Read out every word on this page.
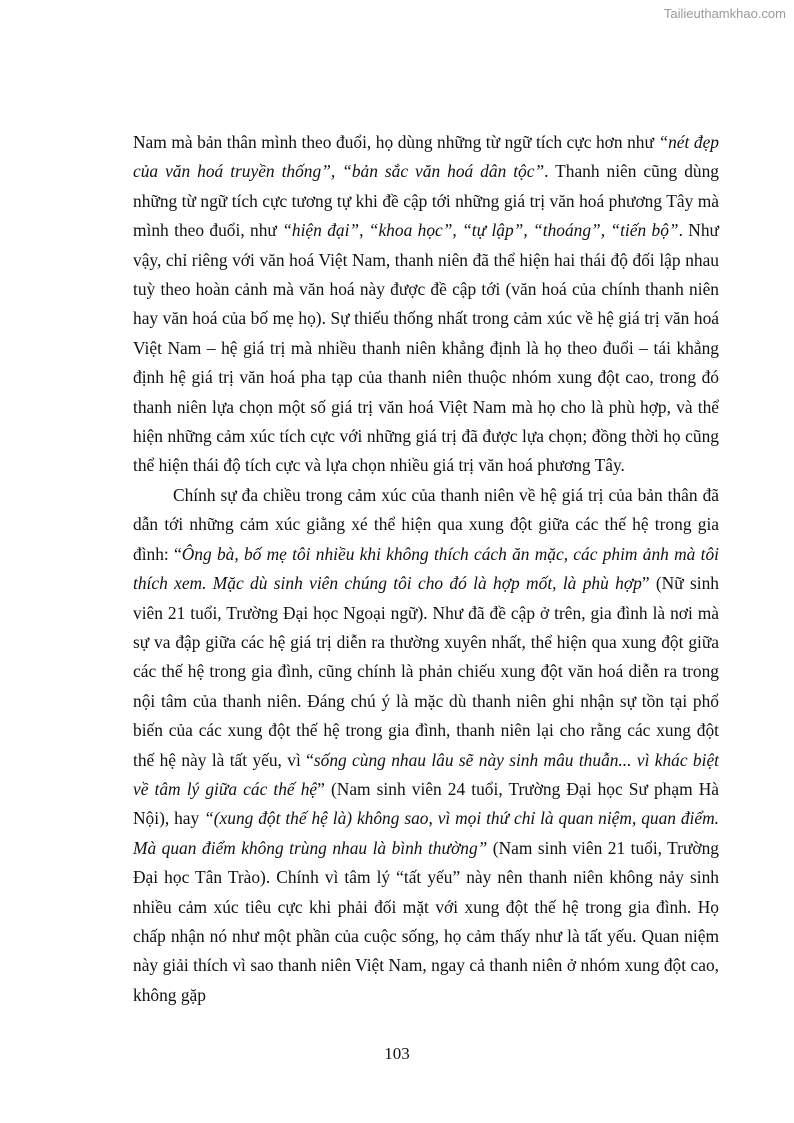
Tailieuthamkhao.com

Nam mà bản thân mình theo đuổi, họ dùng những từ ngữ tích cực hơn như “nét đẹp của văn hoá truyền thống”, “bản sắc văn hoá dân tộc”. Thanh niên cũng dùng những từ ngữ tích cực tương tự khi đề cập tới những giá trị văn hoá phương Tây mà mình theo đuổi, như “hiện đại”, “khoa học”, “tự lập”, “thoáng”, “tiến bộ”. Như vậy, chỉ riêng với văn hoá Việt Nam, thanh niên đã thể hiện hai thái độ đối lập nhau tuỳ theo hoàn cảnh mà văn hoá này được đề cập tới (văn hoá của chính thanh niên hay văn hoá của bố mẹ họ). Sự thiếu thống nhất trong cảm xúc về hệ giá trị văn hoá Việt Nam – hệ giá trị mà nhiều thanh niên khẳng định là họ theo đuổi – tái khẳng định hệ giá trị văn hoá pha tạp của thanh niên thuộc nhóm xung đột cao, trong đó thanh niên lựa chọn một số giá trị văn hoá Việt Nam mà họ cho là phù hợp, và thể hiện những cảm xúc tích cực với những giá trị đã được lựa chọn; đồng thời họ cũng thể hiện thái độ tích cực và lựa chọn nhiều giá trị văn hoá phương Tây.

Chính sự đa chiều trong cảm xúc của thanh niên về hệ giá trị của bản thân đã dẫn tới những cảm xúc giằng xé thể hiện qua xung đột giữa các thế hệ trong gia đình: “Ông bà, bố mẹ tôi nhiều khi không thích cách ăn mặc, các phim ảnh mà tôi thích xem. Mặc dù sinh viên chúng tôi cho đó là hợp mốt, là phù hợp” (Nữ sinh viên 21 tuổi, Trường Đại học Ngoại ngữ). Như đã đề cập ở trên, gia đình là nơi mà sự va đập giữa các hệ giá trị diễn ra thường xuyên nhất, thể hiện qua xung đột giữa các thế hệ trong gia đình, cũng chính là phản chiếu xung đột văn hoá diễn ra trong nội tâm của thanh niên. Đáng chú ý là mặc dù thanh niên ghi nhận sự tồn tại phổ biến của các xung đột thế hệ trong gia đình, thanh niên lại cho rằng các xung đột thế hệ này là tất yếu, vì “sống cùng nhau lâu sẽ này sinh mâu thuẫn... vì khác biệt về tâm lý giữa các thế hệ” (Nam sinh viên 24 tuổi, Trường Đại học Sư phạm Hà Nội), hay “(xung đột thế hệ là) không sao, vì mọi thứ chỉ là quan niệm, quan điểm. Mà quan điểm không trùng nhau là bình thường” (Nam sinh viên 21 tuổi, Trường Đại học Tân Trào). Chính vì tâm lý “tất yếu” này nên thanh niên không nảy sinh nhiều cảm xúc tiêu cực khi phải đối mặt với xung đột thế hệ trong gia đình. Họ chấp nhận nó như một phần của cuộc sống, họ cảm thấy như là tất yếu. Quan niệm này giải thích vì sao thanh niên Việt Nam, ngay cả thanh niên ở nhóm xung đột cao, không gặp

103
